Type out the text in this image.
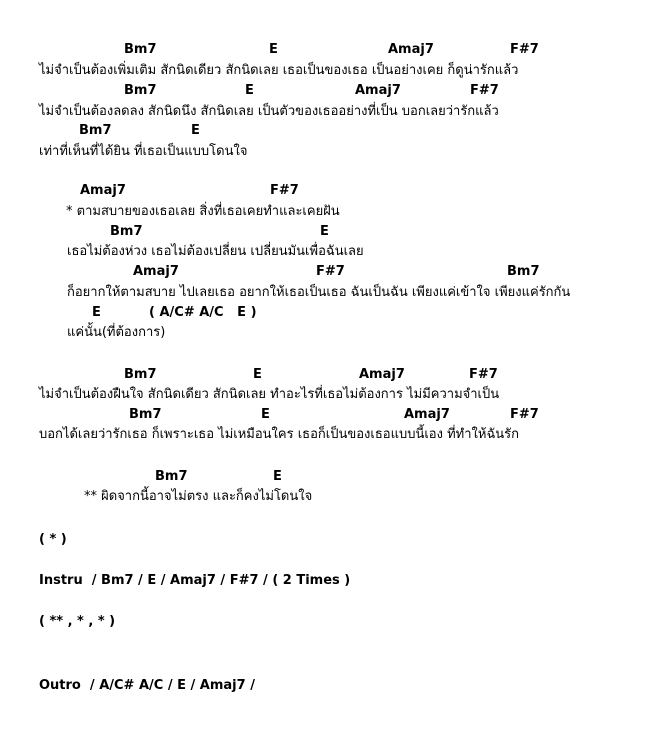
Bm7	E	Amaj7	F#7
ไม่จำเป็นต้องเพิ่มเติม สักนิดเดียว สักนิดเลย เธอเป็นของเธอ เป็นอย่างเคย ก็ดูน่ารักแล้ว
Bm7	E	Amaj7	F#7
ไม่จำเป็นต้องลดลง สักนิดนึง สักนิดเลย เป็นตัวของเธออย่างที่เป็น บอกเลยว่ารักแล้ว
Bm7	E
เท่าที่เห็นที่ได้ยิน ที่เธอเป็นแบบโดนใจ
Amaj7	F#7
* ตามสบายของเธอเลย สิ่งที่เธอเคยทำและเคยฝัน
Bm7	E
เธอไม่ต้องห่วง เธอไม่ต้องเปลี่ยน เปลี่ยนมันเพื่อฉันเลย
Amaj7	F#7	Bm7
ก็อยากให้ตามสบาย ไปเลยเธอ อยากให้เธอเป็นเธอ ฉันเป็นฉัน เพียงแค่เข้าใจ เพียงแค่รักกัน
E	( A/C# A/C   E )
แค่นั้น(ที่ต้องการ)
Bm7	E	Amaj7	F#7
ไม่จำเป็นต้องฝืนใจ สักนิดเดียว สักนิดเลย ทำอะไรที่เธอไม่ต้องการ ไม่มีความจำเป็น
Bm7	E	Amaj7	F#7
บอกได้เลยว่ารักเธอ ก็เพราะเธอ ไม่เหมือนใคร เธอก็เป็นของเธอแบบนี้เอง ที่ทำให้ฉันรัก
Bm7	E
** ผิดจากนี้อาจไม่ตรง และก็คงไม่โดนใจ
( * )
Instru  / Bm7 / E / Amaj7 / F#7 / ( 2 Times )
( ** , * , * )
Outro  / A/C# A/C / E / Amaj7 /
